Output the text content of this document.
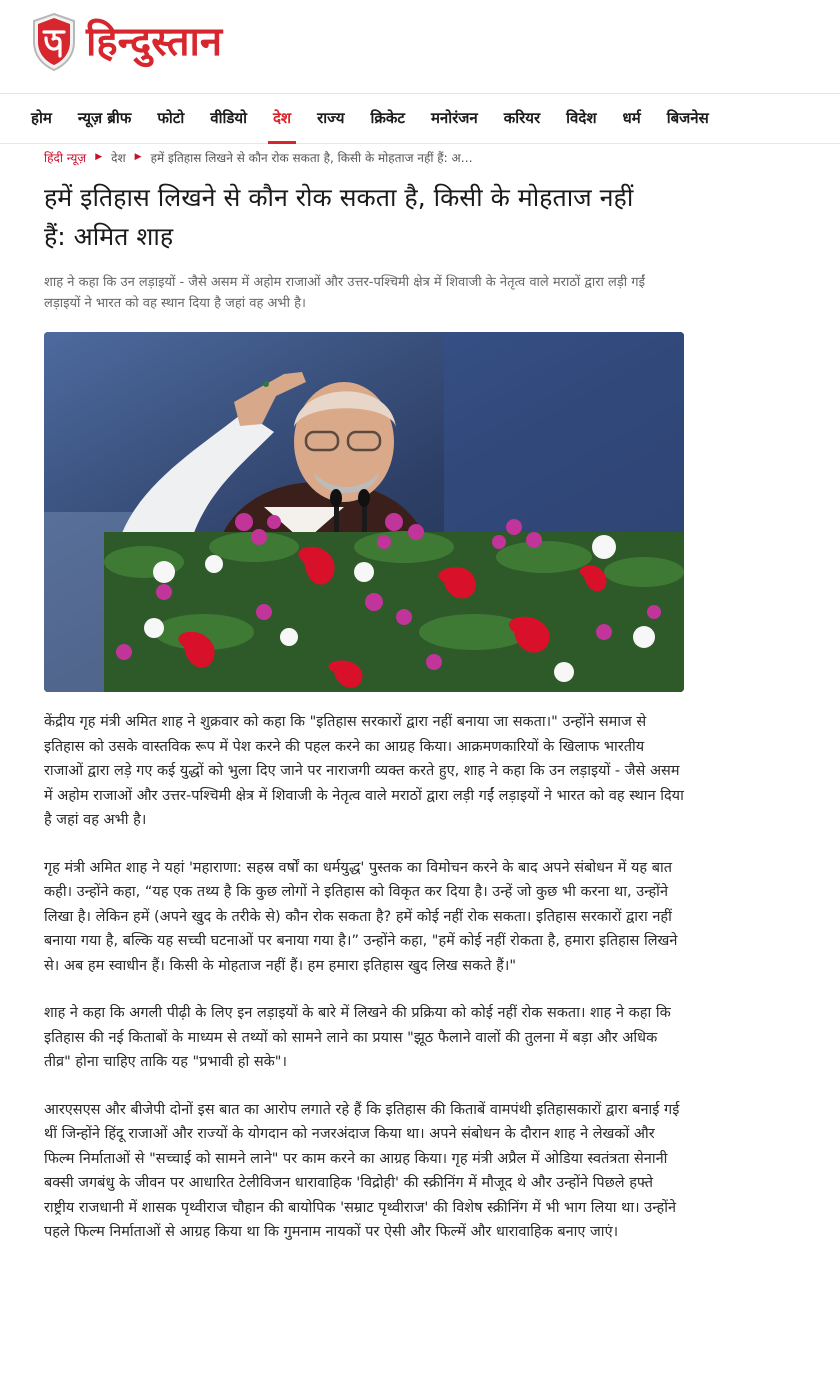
हिन्दुस्तान
होम	न्यूज़ ब्रीफ	फोटो	वीडियो	देश	राज्य	क्रिकेट	मनोरंजन	करियर	विदेश	धर्म	बिजनेस
हिंदी न्यूज़ ▶ देश ▶ हमें इतिहास लिखने से कौन रोक सकता है, किसी के मोहताज नहीं हैं: अ…
हमें इतिहास लिखने से कौन रोक सकता है, किसी के मोहताज नहीं हैं: अमित शाह

शाह ने कहा कि उन लड़ाइयों - जैसे असम में अहोम राजाओं और उत्तर-पश्चिमी क्षेत्र में शिवाजी के नेतृत्व वाले मराठों द्वारा लड़ी गईं लड़ाइयों ने भारत को वह स्थान दिया है जहां वह अभी है।

केंद्रीय गृह मंत्री अमित शाह ने शुक्रवार को कहा कि "इतिहास सरकारों द्वारा नहीं बनाया जा सकता।" उन्होंने समाज से इतिहास को उसके वास्तविक रूप में पेश करने की पहल करने का आग्रह किया। आक्रमणकारियों के खिलाफ भारतीय राजाओं द्वारा लड़े गए कई युद्धों को भुला दिए जाने पर नाराजगी व्यक्त करते हुए, शाह ने कहा कि उन लड़ाइयों - जैसे असम में अहोम राजाओं और उत्तर-पश्चिमी क्षेत्र में शिवाजी के नेतृत्व वाले मराठों द्वारा लड़ी गईं लड़ाइयों ने भारत को वह स्थान दिया है जहां वह अभी है।

गृह मंत्री अमित शाह ने यहां 'महाराणा: सहस्र वर्षों का धर्मयुद्ध' पुस्तक का विमोचन करने के बाद अपने संबोधन में यह बात कही। उन्होंने कहा, “यह एक तथ्य है कि कुछ लोगों ने इतिहास को विकृत कर दिया है। उन्हें जो कुछ भी करना था, उन्होंने लिखा है। लेकिन हमें (अपने खुद के तरीके से) कौन रोक सकता है? हमें कोई नहीं रोक सकता। इतिहास सरकारों द्वारा नहीं बनाया गया है, बल्कि यह सच्ची घटनाओं पर बनाया गया है।” उन्होंने कहा, "हमें कोई नहीं रोकता है, हमारा इतिहास लिखने से। अब हम स्वाधीन हैं। किसी के मोहताज नहीं हैं। हम हमारा इतिहास खुद लिख सकते हैं।"

शाह ने कहा कि अगली पीढ़ी के लिए इन लड़ाइयों के बारे में लिखने की प्रक्रिया को कोई नहीं रोक सकता। शाह ने कहा कि इतिहास की नई किताबों के माध्यम से तथ्यों को सामने लाने का प्रयास "झूठ फैलाने वालों की तुलना में बड़ा और अधिक तीव्र" होना चाहिए ताकि यह "प्रभावी हो सके"।

आरएसएस और बीजेपी दोनों इस बात का आरोप लगाते रहे हैं कि इतिहास की किताबें वामपंथी इतिहासकारों द्वारा बनाई गई थीं जिन्होंने हिंदू राजाओं और राज्यों के योगदान को नजरअंदाज किया था। अपने संबोधन के दौरान शाह ने लेखकों और फिल्म निर्माताओं से "सच्चाई को सामने लाने" पर काम करने का आग्रह किया। गृह मंत्री अप्रैल में ओडिया स्वतंत्रता सेनानी बक्सी जगबंधु के जीवन पर आधारित टेलीविजन धारावाहिक 'विद्रोही' की स्क्रीनिंग में मौजूद थे और उन्होंने पिछले हफ्ते राष्ट्रीय राजधानी में शासक पृथ्वीराज चौहान की बायोपिक 'सम्राट पृथ्वीराज' की विशेष स्क्रीनिंग में भी भाग लिया था। उन्होंने पहले फिल्म निर्माताओं से आग्रह किया था कि गुमनाम नायकों पर ऐसी और फिल्में और धारावाहिक बनाए जाएं।
